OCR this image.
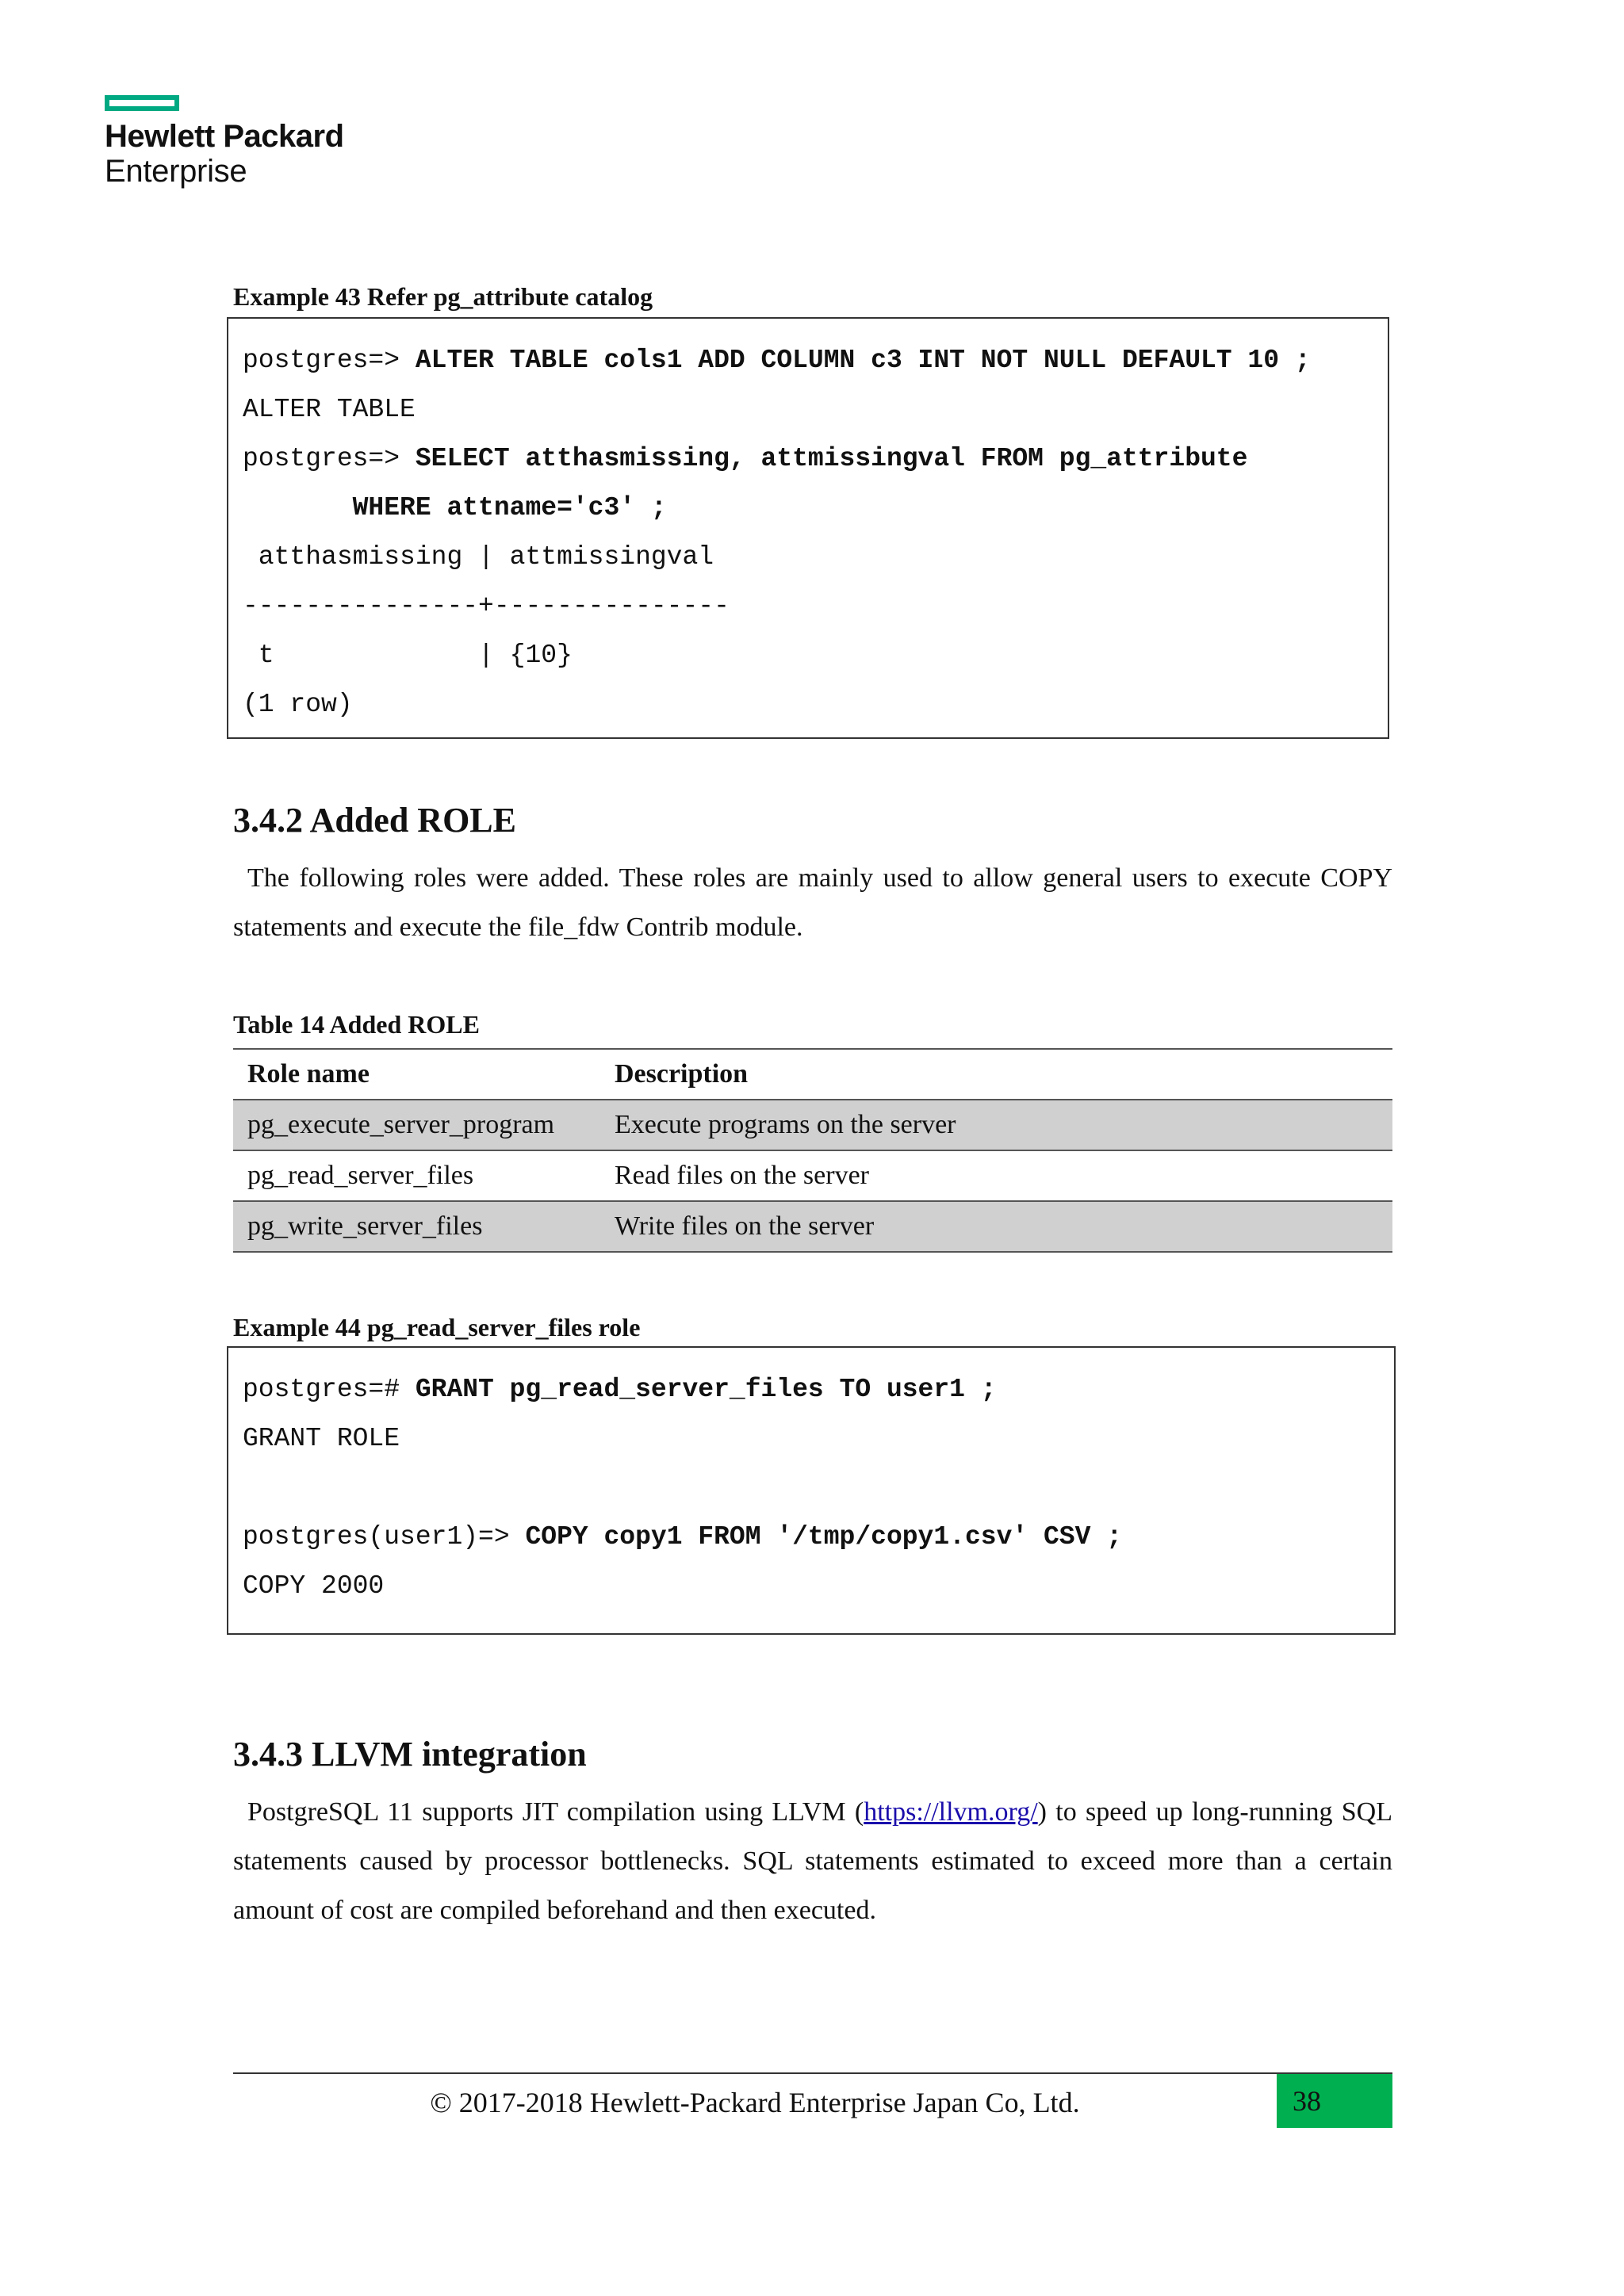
Hewlett Packard
Enterprise
Example 43 Refer pg_attribute catalog
postgres=> ALTER TABLE cols1 ADD COLUMN c3 INT NOT NULL DEFAULT 10 ;
ALTER TABLE
postgres=> SELECT atthasmissing, attmissingval FROM pg_attribute
WHERE attname='c3' ;
atthasmissing | attmissingval
---------------+---------------
t             | {10}
(1 row)
3.4.2 Added ROLE
The following roles were added. These roles are mainly used to allow general users to execute COPY statements and execute the file_fdw Contrib module.
Table 14 Added ROLE
Role name	Description
pg_execute_server_program	Execute programs on the server
pg_read_server_files	Read files on the server
pg_write_server_files	Write files on the server
Example 44 pg_read_server_files role
postgres=# GRANT pg_read_server_files TO user1 ;
GRANT ROLE
postgres(user1)=> COPY copy1 FROM '/tmp/copy1.csv' CSV ;
COPY 2000
3.4.3 LLVM integration
PostgreSQL 11 supports JIT compilation using LLVM (https://llvm.org/) to speed up long-running SQL statements caused by processor bottlenecks. SQL statements estimated to exceed more than a certain amount of cost are compiled beforehand and then executed.
© 2017-2018 Hewlett-Packard Enterprise Japan Co, Ltd.	38
